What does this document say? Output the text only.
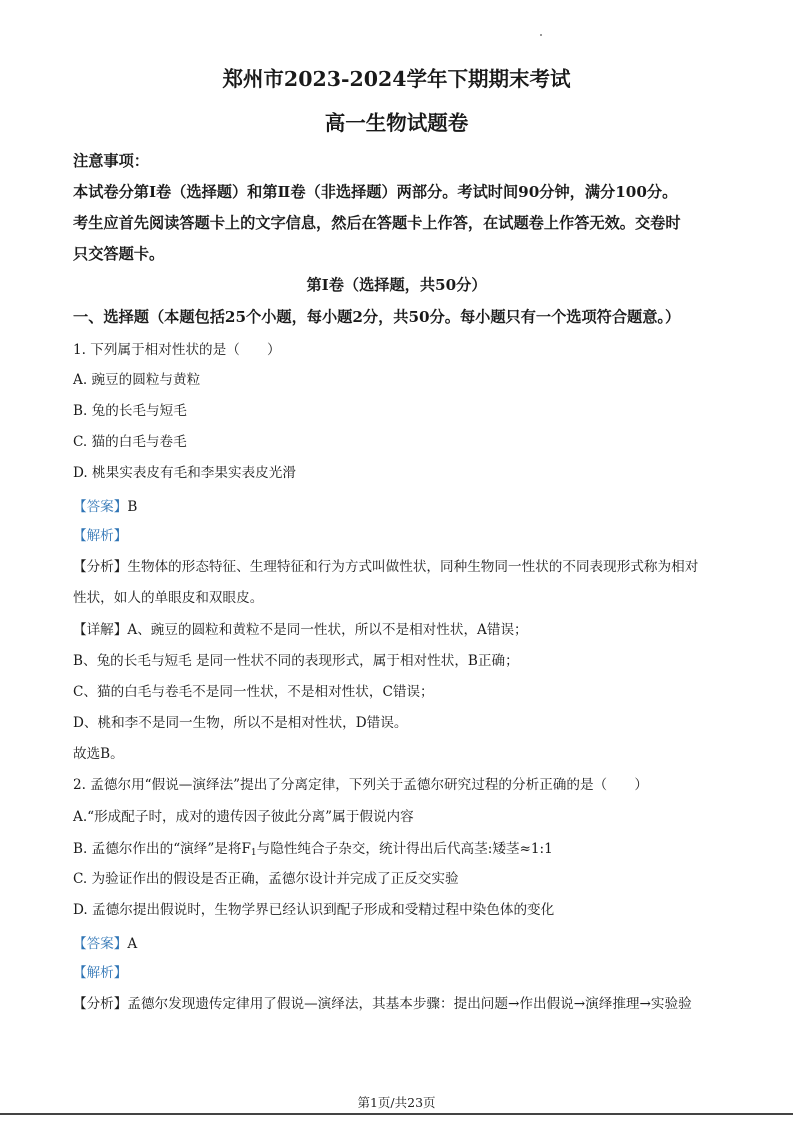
郑州市2023-2024学年下期期末考试
高一生物试题卷
注意事项：
本试卷分第Ⅰ卷（选择题）和第Ⅱ卷（非选择题）两部分。考试时间90分钟，满分100分。
考生应首先阅读答题卡上的文字信息，然后在答题卡上作答，在试题卷上作答无效。交卷时
只交答题卡。
第Ⅰ卷（选择题，共50分）
一、选择题（本题包括25个小题，每小题2分，共50分。每小题只有一个选项符合题意。）
1. 下列属于相对性状的是（　　）
A. 豌豆的圆粒与黄粒
B. 兔的长毛与短毛
C. 猫的白毛与卷毛
D. 桃果实表皮有毛和李果实表皮光滑
【答案】B
【解析】
【分析】生物体的形态特征、生理特征和行为方式叫做性状，同种生物同一性状的不同表现形式称为相对
性状，如人的单眼皮和双眼皮。
【详解】A、豌豆的圆粒和黄粒不是同一性状，所以不是相对性状，A错误；
B、兔的长毛与短毛 是同一性状不同的表现形式，属于相对性状，B正确；
C、猫的白毛与卷毛不是同一性状，不是相对性状，C错误；
D、桃和李不是同一生物，所以不是相对性状，D错误。
故选B。
2. 孟德尔用“假说—演绎法”提出了分离定律，下列关于孟德尔研究过程的分析正确的是（　　）
A.“形成配子时，成对的遗传因子彼此分离”属于假说内容
B. 孟德尔作出的“演绎”是将$F_1$与隐性纯合子杂交，统计得出后代高茎:矮茎≈1:1
C. 为验证作出的假设是否正确，孟德尔设计并完成了正反交实验
D. 孟德尔提出假说时，生物学界已经认识到配子形成和受精过程中染色体的变化
【答案】A
【解析】
【分析】孟德尔发现遗传定律用了假说—演绎法，其基本步骤：提出问题→作出假说→演绎推理→实验验
第1页/共23页
